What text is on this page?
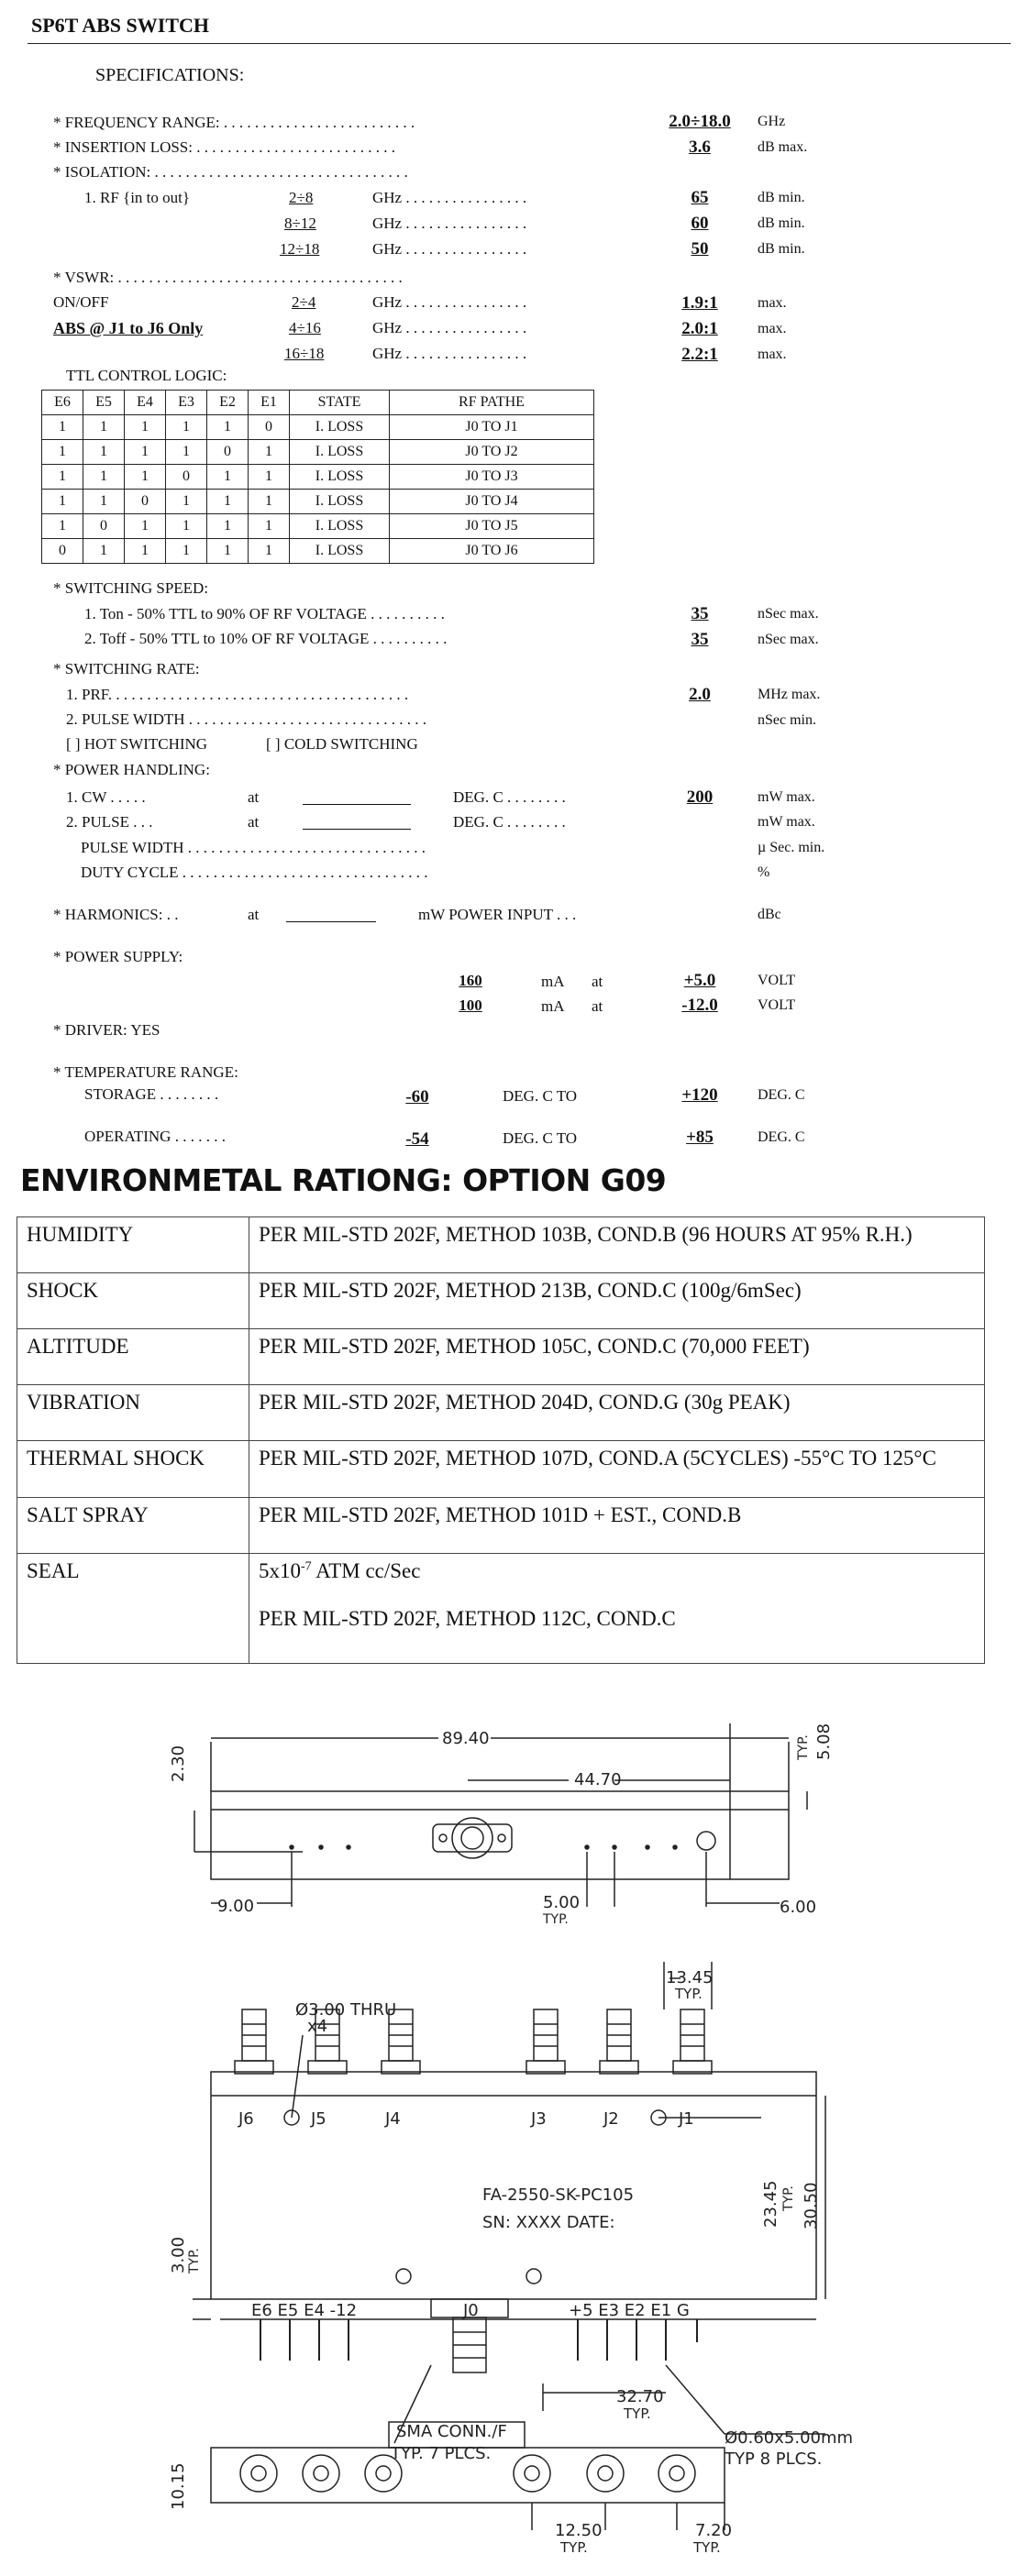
SP6T ABS SWITCH
SPECIFICATIONS:
* FREQUENCY RANGE: . . . . . . . . . . . . . . . . . . . . . . . . .	2.0÷18.0	GHz
* INSERTION LOSS: . . . . . . . . . . . . . . . . . . . . . . . . . .	3.6	dB max.
* ISOLATION: . . . . . . . . . . . . . . . . . . . . . . . . . . . . . . . . .
1. RF {in to out}	2÷8	GHz . . . . . . . . . . . . . . . .	65	dB min.
8÷12	GHz . . . . . . . . . . . . . . . .	60	dB min.
12÷18	GHz . . . . . . . . . . . . . . . .	50	dB min.
* VSWR: . . . . . . . . . . . . . . . . . . . . . . . . . . . . . . . . . . . . .
ON/OFF
ABS @ J1 to J6 Only
2÷4	GHz . . . . . . . . . . . . . . . .	1.9:1	max.
4÷16	GHz . . . . . . . . . . . . . . . .	2.0:1	max.
16÷18	GHz . . . . . . . . . . . . . . . .	2.2:1	max.
TTL CONTROL LOGIC:
E6	E5	E4	E3	E2	E1	STATE	RF PATHE
1	1	1	1	1	0	I. LOSS	J0 TO J1
1	1	1	1	0	1	I. LOSS	J0 TO J2
1	1	1	0	1	1	I. LOSS	J0 TO J3
1	1	0	1	1	1	I. LOSS	J0 TO J4
1	0	1	1	1	1	I. LOSS	J0 TO J5
0	1	1	1	1	1	I. LOSS	J0 TO J6
* SWITCHING SPEED:
1. Ton - 50% TTL to 90% OF RF VOLTAGE . . . . . . . . . .	35	nSec max.
2. Toff - 50% TTL to 10% OF RF VOLTAGE . . . . . . . . . .	35	nSec max.
* SWITCHING RATE:
1. PRF. . . . . . . . . . . . . . . . . . . . . . . . . . . . . . . . . . . . . . .	2.0	MHz max.
2. PULSE WIDTH . . . . . . . . . . . . . . . . . . . . . . . . . . . . . . .	nSec min.
[ ] HOT SWITCHING	[ ] COLD SWITCHING
* POWER HANDLING:
1. CW . . . . .	at	DEG. C . . . . . . . .	200	mW max.
2. PULSE . . .	at	DEG. C . . . . . . . .	mW max.
PULSE WIDTH . . . . . . . . . . . . . . . . . . . . . . . . . . . . . . .	µ Sec. min.
DUTY CYCLE . . . . . . . . . . . . . . . . . . . . . . . . . . . . . . . .	%
* HARMONICS: . .	at	mW POWER INPUT . . .	dBc
* POWER SUPPLY:
160	mA at	+5.0	VOLT
100	mA at	-12.0	VOLT
* DRIVER: YES
* TEMPERATURE RANGE:
STORAGE . . . . . . . .	-60	DEG. C TO	+120	DEG. C
OPERATING . . . . . . .	-54	DEG. C TO	+85	DEG. C
ENVIRONMETAL RATIONG: OPTION G09
HUMIDITY	PER MIL-STD 202F, METHOD 103B, COND.B (96 HOURS AT 95% R.H.)
SHOCK	PER MIL-STD 202F, METHOD 213B, COND.C (100g/6mSec)
ALTITUDE	PER MIL-STD 202F, METHOD 105C, COND.C (70,000 FEET)
VIBRATION	PER MIL-STD 202F, METHOD 204D, COND.G (30g PEAK)
THERMAL SHOCK	PER MIL-STD 202F, METHOD 107D, COND.A (5CYCLES) -55°C TO 125°C
SALT SPRAY	PER MIL-STD 202F, METHOD 101D + EST., COND.B
SEAL	$5x10^{-7}$ ATM cc/Sec
PER MIL-STD 202F, METHOD 112C, COND.C
89.40
44.70
2.30
9.00	5.00
TYP.
6.00
5.08
TYP.
Ø3.00 THRU
x4
13.45
TYP.
J6	J5	J4	J3	J2	J1
FA-2550-SK-PC105
SN: XXXX DATE:
E6 E5 E4 -12	J0	+5 E3 E2 E1 G
23.45 TYP. 30.50
3.00 TYP.
32.70
TYP.
SMA CONN./F
TYP. 7 PLCS.
Ø0.60x5.00mm
TYP 8 PLCS.
10.15
12.50
TYP.
7.20
TYP.
